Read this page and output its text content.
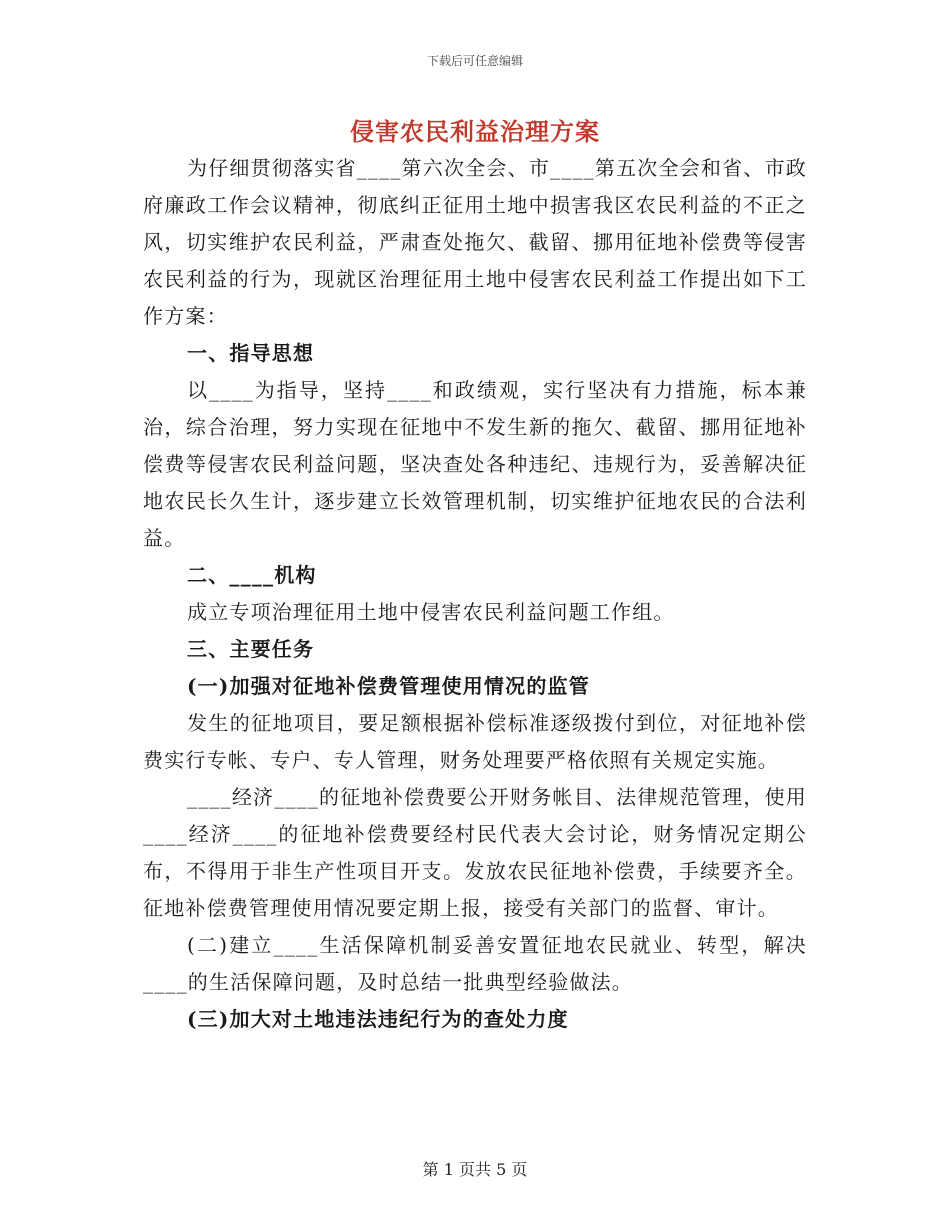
下载后可任意编辑
侵害农民利益治理方案

为仔细贯彻落实省____第六次全会、市____第五次全会和省、市政府廉政工作会议精神，彻底纠正征用土地中损害我区农民利益的不正之风，切实维护农民利益，严肃查处拖欠、截留、挪用征地补偿费等侵害农民利益的行为，现就区治理征用土地中侵害农民利益工作提出如下工作方案：

一、指导思想

以____为指导，坚持____和政绩观，实行坚决有力措施，标本兼治，综合治理，努力实现在征地中不发生新的拖欠、截留、挪用征地补偿费等侵害农民利益问题，坚决查处各种违纪、违规行为，妥善解决征地农民长久生计，逐步建立长效管理机制，切实维护征地农民的合法利益。

二、____机构

成立专项治理征用土地中侵害农民利益问题工作组。

三、主要任务
(一)加强对征地补偿费管理使用情况的监管

发生的征地项目，要足额根据补偿标准逐级拨付到位，对征地补偿费实行专帐、专户、专人管理，财务处理要严格依照有关规定实施。

____经济____的征地补偿费要公开财务帐目、法律规范管理，使用____经济____的征地补偿费要经村民代表大会讨论，财务情况定期公布，不得用于非生产性项目开支。发放农民征地补偿费，手续要齐全。征地补偿费管理使用情况要定期上报，接受有关部门的监督、审计。

(二)建立____生活保障机制妥善安置征地农民就业、转型，解决____的生活保障问题，及时总结一批典型经验做法。

(三)加大对土地违法违纪行为的查处力度
第 1 页共 5 页
